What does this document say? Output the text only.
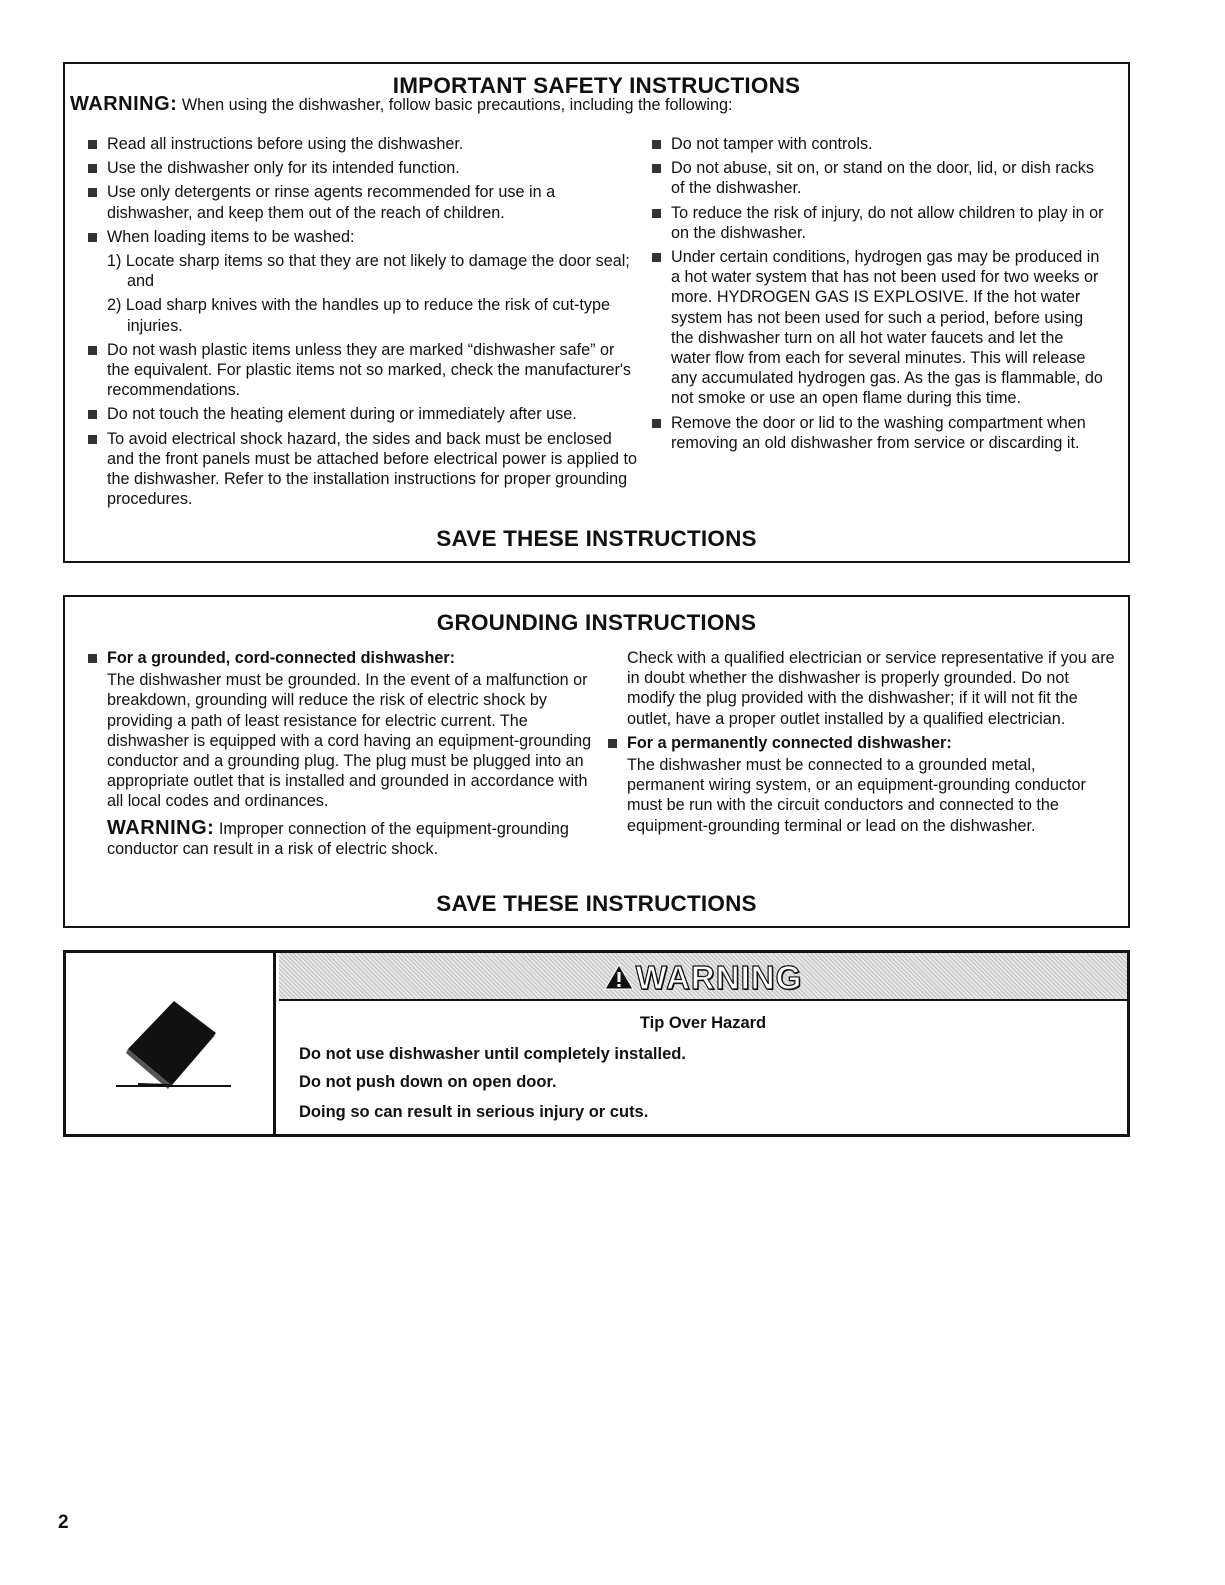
IMPORTANT SAFETY INSTRUCTIONS
WARNING: When using the dishwasher, follow basic precautions, including the following:
Read all instructions before using the dishwasher.
Use the dishwasher only for its intended function.
Use only detergents or rinse agents recommended for use in a dishwasher, and keep them out of the reach of children.
When loading items to be washed:

1) Locate sharp items so that they are not likely to damage the door seal; and

2) Load sharp knives with the handles up to reduce the risk of cut-type injuries.

Do not wash plastic items unless they are marked “dishwasher safe” or the equivalent. For plastic items not so marked, check the manufacturer's recommendations.
Do not touch the heating element during or immediately after use.
To avoid electrical shock hazard, the sides and back must be enclosed and the front panels must be attached before electrical power is applied to the dishwasher. Refer to the installation instructions for proper grounding procedures.
Do not tamper with controls.
Do not abuse, sit on, or stand on the door, lid, or dish racks of the dishwasher.
To reduce the risk of injury, do not allow children to play in or on the dishwasher.
Under certain conditions, hydrogen gas may be produced in a hot water system that has not been used for two weeks or more. HYDROGEN GAS IS EXPLOSIVE. If the hot water system has not been used for such a period, before using the dishwasher turn on all hot water faucets and let the water flow from each for several minutes. This will release any accumulated hydrogen gas. As the gas is flammable, do not smoke or use an open flame during this time.
Remove the door or lid to the washing compartment when removing an old dishwasher from service or discarding it.
SAVE THESE INSTRUCTIONS
GROUNDING INSTRUCTIONS
For a grounded, cord-connected dishwasher:

The dishwasher must be grounded. In the event of a malfunction or breakdown, grounding will reduce the risk of electric shock by providing a path of least resistance for electric current. The dishwasher is equipped with a cord having an equipment-grounding conductor and a grounding plug. The plug must be plugged into an appropriate outlet that is installed and grounded in accordance with all local codes and ordinances.

WARNING: Improper connection of the equipment-grounding conductor can result in a risk of electric shock.

Check with a qualified electrician or service representative if you are in doubt whether the dishwasher is properly grounded. Do not modify the plug provided with the dishwasher; if it will not fit the outlet, have a proper outlet installed by a qualified electrician.

For a permanently connected dishwasher:

The dishwasher must be connected to a grounded metal, permanent wiring system, or an equipment-grounding conductor must be run with the circuit conductors and connected to the equipment-grounding terminal or lead on the dishwasher.

SAVE THESE INSTRUCTIONS
WARNING
Tip Over Hazard
Do not use dishwasher until completely installed.
Do not push down on open door.
Doing so can result in serious injury or cuts.
2
